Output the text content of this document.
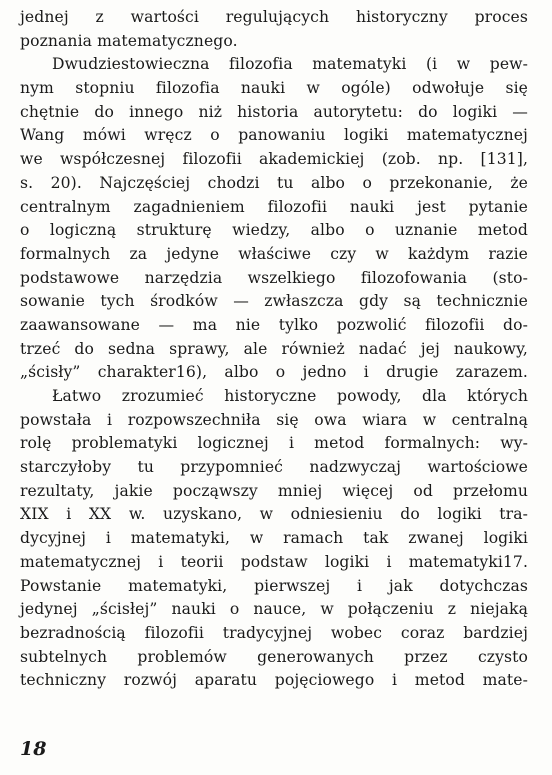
jednej z wartości regulujących historyczny proces
poznania matematycznego.
Dwudziestowieczna filozofia matematyki (i w pew-
nym stopniu filozofia nauki w ogóle) odwołuje się
chętnie do innego niż historia autorytetu: do logiki —
Wang mówi wręcz o panowaniu logiki matematycznej
we współczesnej filozofii akademickiej (zob. np. [131],
s. 20). Najczęściej chodzi tu albo o przekonanie, że
centralnym zagadnieniem filozofii nauki jest pytanie
o logiczną strukturę wiedzy, albo o uznanie metod
formalnych za jedyne właściwe czy w każdym razie
podstawowe narzędzia wszelkiego filozofowania (sto-
sowanie tych środków — zwłaszcza gdy są technicznie
zaawansowane — ma nie tylko pozwolić filozofii do-
trzeć do sedna sprawy, ale również nadać jej naukowy,
„ścisły” charakter16), albo o jedno i drugie zarazem.
Łatwo zrozumieć historyczne powody, dla których
powstała i rozpowszechniła się owa wiara w centralną
rolę problematyki logicznej i metod formalnych: wy-
starczyłoby tu przypomnieć nadzwyczaj wartościowe
rezultaty, jakie począwszy mniej więcej od przełomu
XIX i XX w. uzyskano, w odniesieniu do logiki tra-
dycyjnej i matematyki, w ramach tak zwanej logiki
matematycznej i teorii podstaw logiki i matematyki17.
Powstanie matematyki, pierwszej i jak dotychczas
jedynej „ścisłej” nauki o nauce, w połączeniu z niejaką
bezradnością filozofii tradycyjnej wobec coraz bardziej
subtelnych problemów generowanych przez czysto
techniczny rozwój aparatu pojęciowego i metod mate-
18
